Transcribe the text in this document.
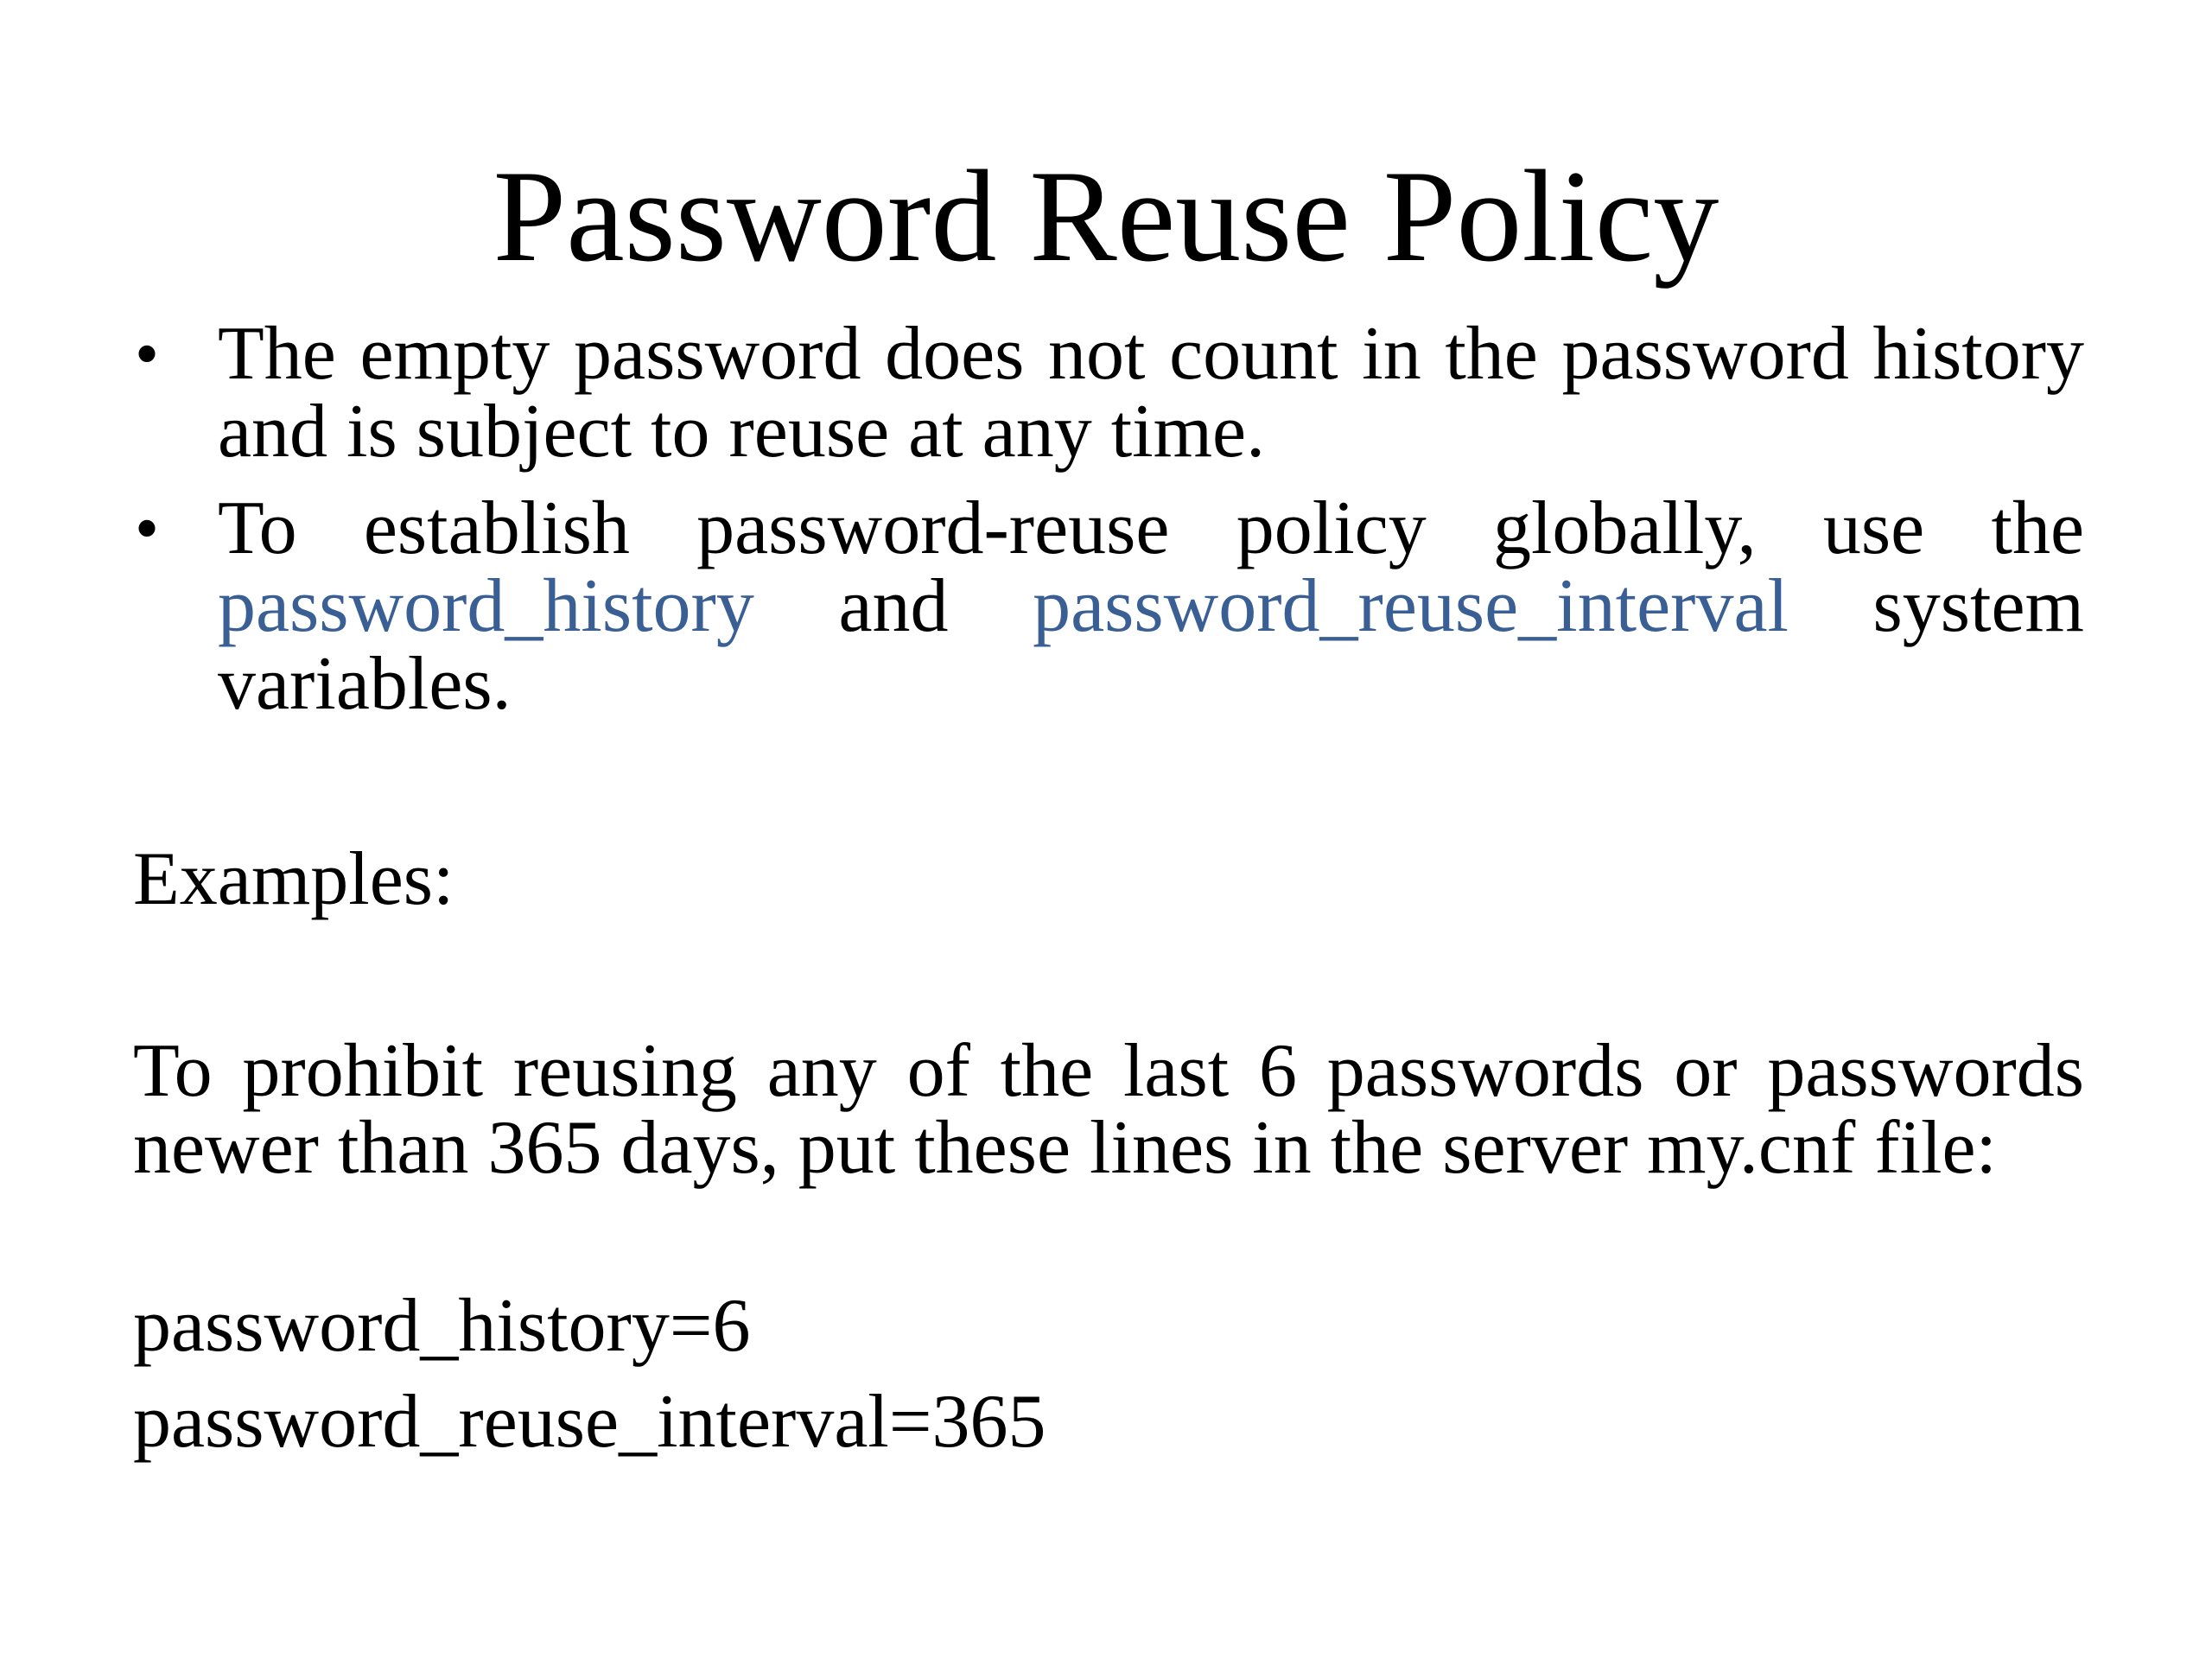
Password Reuse Policy
• The empty password does not count in the password history and is subject to reuse at any time.
• To establish password-reuse policy globally, use the password_history and password_reuse_interval system variables.

Examples:

To prohibit reusing any of the last 6 passwords or passwords newer than 365 days, put these lines in the server my.cnf file:

password_history=6

password_reuse_interval=365
